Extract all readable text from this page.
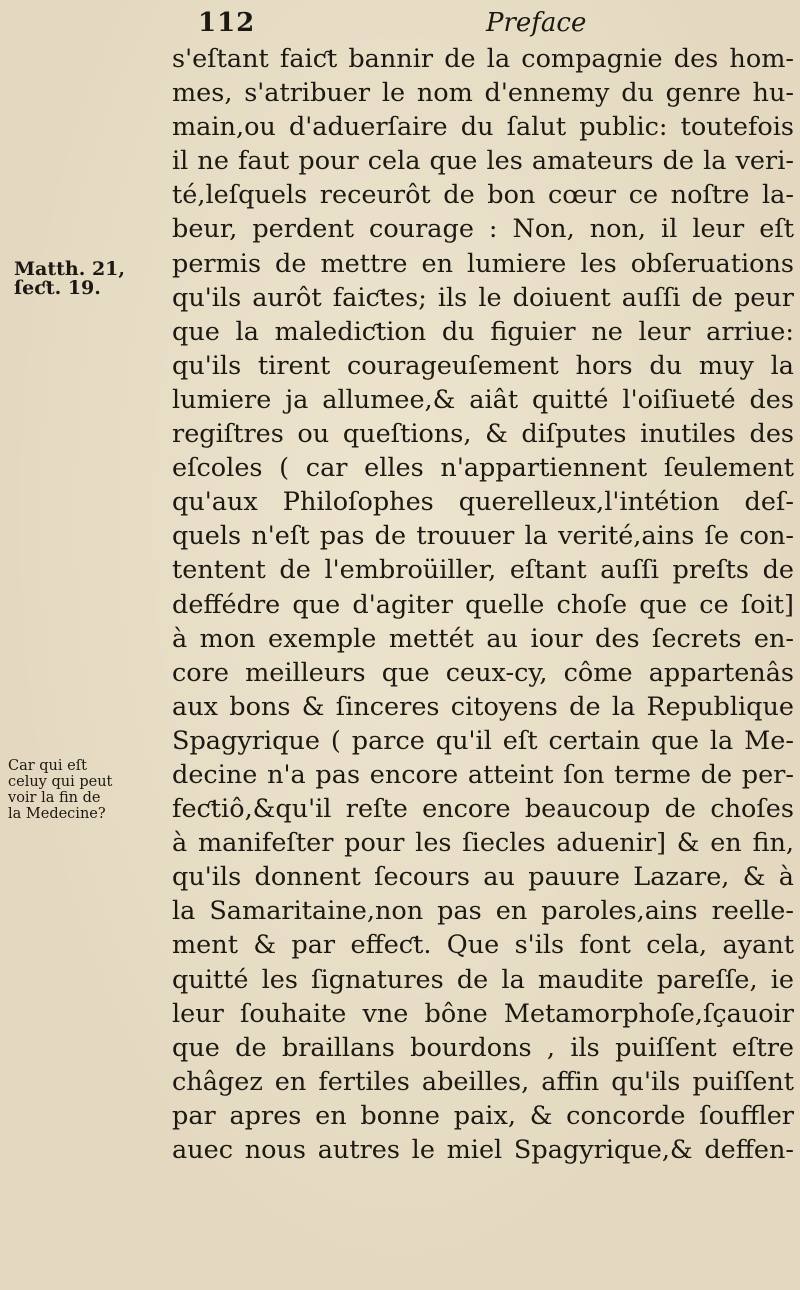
112	Preface
s'eſtant faiƈt bannir de la compagnie des hom-
mes, s'atribuer le nom d'ennemy du genre hu-
main,ou d'aduerſaire du ſalut public: toutefois
il ne faut pour cela que les amateurs de la veri-
té,leſquels receurôt de bon cœur ce noſtre la-
beur, perdent courage : Non, non, il leur eſt
permis de mettre en lumiere les obſeruations
qu'ils aurôt faiƈtes; ils le doiuent auſſi de peur
que la malediƈtion du figuier ne leur arriue:
qu'ils tirent courageuſement hors du muy la
lumiere ja allumee,& aiât quitté l'oiſiueté des
regiſtres ou queſtions, & diſputes inutiles des
eſcoles ( car elles n'appartiennent ſeulement
qu'aux Philoſophes querelleux,l'intétion deſ-
quels n'eſt pas de trouuer la verité,ains ſe con-
tentent de l'embroüiller, eſtant auſſi preſts de
deffédre que d'agiter quelle choſe que ce ſoit]
à mon exemple mettét au iour des ſecrets en-
core meilleurs que ceux-cy, côme appartenâs
aux bons & ſinceres citoyens de la Republique
Spagyrique ( parce qu'il eſt certain que la Me-
decine n'a pas encore atteint ſon terme de per-
feƈtiô,&qu'il reſte encore beaucoup de choſes
à manifeſter pour les ſiecles aduenir] & en fin,
qu'ils donnent ſecours au pauure Lazare, & à
la Samaritaine,non pas en paroles,ains reelle-
ment & par effeƈt. Que s'ils font cela, ayant
quitté les ſignatures de la maudite pareſſe, ie
leur ſouhaite vne bône Metamorphoſe,ſçauoir
que de braillans bourdons , ils puiſſent eſtre
châgez en fertiles abeilles, affin qu'ils puiſſent
par apres en bonne paix, & concorde ſouffler
auec nous autres le miel Spagyrique,& deffen-
Matth. 21,
ſeƈt. 19.
Car qui eſt
celuy qui peut
voir la fin de
la Medecine?
